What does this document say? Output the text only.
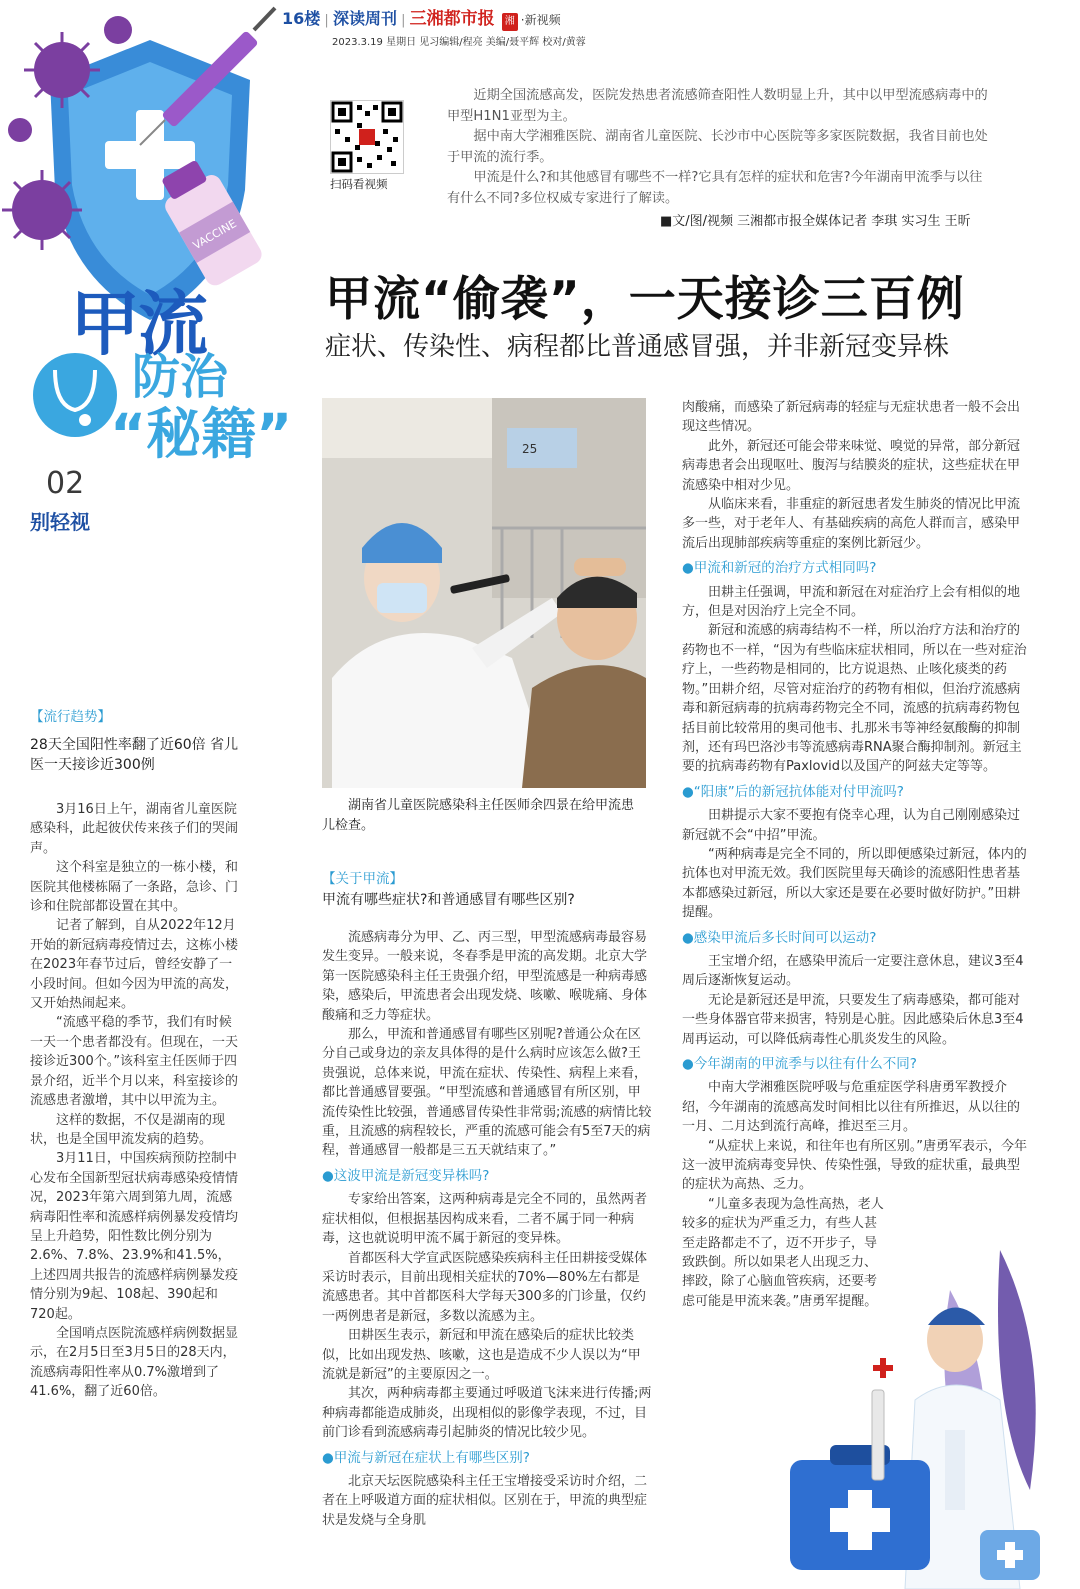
VACCINE
甲流
防治
“秘籍”
02
别轻视
16楼 | 深读周刊 | 三湘都市报 湘 ·新视频
2023.3.19 星期日 见习编辑/程亮 美编/聂平辉 校对/黄蓉
扫码看视频

近期全国流感高发，医院发热患者流感筛查阳性人数明显上升，其中以甲型流感病毒中的甲型H1N1亚型为主。

据中南大学湘雅医院、湖南省儿童医院、长沙市中心医院等多家医院数据，我省目前也处于甲流的流行季。

甲流是什么?和其他感冒有哪些不一样?它具有怎样的症状和危害?今年湖南甲流季与以往有什么不同?多位权威专家进行了解读。

■文/图/视频 三湘都市报全媒体记者 李琪 实习生 王昕
甲流“偷袭”，一天接诊三百例
症状、传染性、病程都比普通感冒强，并非新冠变异株
25
湖南省儿童医院感染科主任医师余四景在给甲流患儿检查。
【流行趋势】
28天全国阳性率翻了近60倍 省儿医一天接诊近300例

3月16日上午，湖南省儿童医院感染科，此起彼伏传来孩子们的哭闹声。

这个科室是独立的一栋小楼，和医院其他楼栋隔了一条路，急诊、门诊和住院部都设置在其中。

记者了解到，自从2022年12月开始的新冠病毒疫情过去，这栋小楼在2023年春节过后，曾经安静了一小段时间。但如今因为甲流的高发，又开始热闹起来。

“流感平稳的季节，我们有时候一天一个患者都没有。但现在，一天接诊近300个。”该科室主任医师于四景介绍，近半个月以来，科室接诊的流感患者激增，其中以甲流为主。

这样的数据，不仅是湖南的现状，也是全国甲流发病的趋势。

3月11日，中国疾病预防控制中心发布全国新型冠状病毒感染疫情情况，2023年第六周到第九周，流感病毒阳性率和流感样病例暴发疫情均呈上升趋势，阳性数比例分别为2.6%、7.8%、23.9%和41.5%，上述四周共报告的流感样病例暴发疫情分别为9起、108起、390起和720起。

全国哨点医院流感样病例数据显示，在2月5日至3月5日的28天内，流感病毒阳性率从0.7%激增到了41.6%，翻了近60倍。

【关于甲流】
甲流有哪些症状?和普通感冒有哪些区别?

流感病毒分为甲、乙、丙三型，甲型流感病毒最容易发生变异。一般来说，冬春季是甲流的高发期。北京大学第一医院感染科主任王贵强介绍，甲型流感是一种病毒感染，感染后，甲流患者会出现发烧、咳嗽、喉咙痛、身体酸痛和乏力等症状。

那么，甲流和普通感冒有哪些区别呢?普通公众在区分自己或身边的亲友具体得的是什么病时应该怎么做?王贵强说，总体来说，甲流在症状、传染性、病程上来看，都比普通感冒要强。“甲型流感和普通感冒有所区别，甲流传染性比较强，普通感冒传染性非常弱;流感的病情比较重，且流感的病程较长，严重的流感可能会有5至7天的病程，普通感冒一般都是三五天就结束了。”

●这波甲流是新冠变异株吗?

专家给出答案，这两种病毒是完全不同的，虽然两者症状相似，但根据基因构成来看，二者不属于同一种病毒，这也就说明甲流不属于新冠的变异株。

首都医科大学宣武医院感染疾病科主任田耕接受媒体采访时表示，目前出现相关症状的70%—80%左右都是流感患者。其中首都医科大学每天300多的门诊量，仅约一两例患者是新冠，多数以流感为主。

田耕医生表示，新冠和甲流在感染后的症状比较类似，比如出现发热、咳嗽，这也是造成不少人误以为“甲流就是新冠”的主要原因之一。

其次，两种病毒都主要通过呼吸道飞沫来进行传播;两种病毒都能造成肺炎，出现相似的影像学表现，不过，目前门诊看到流感病毒引起肺炎的情况比较少见。

●甲流与新冠在症状上有哪些区别?

北京天坛医院感染科主任王宝增接受采访时介绍，二者在上呼吸道方面的症状相似。区别在于，甲流的典型症状是发烧与全身肌

肉酸痛，而感染了新冠病毒的轻症与无症状患者一般不会出现这些情况。

此外，新冠还可能会带来味觉、嗅觉的异常，部分新冠病毒患者会出现呕吐、腹泻与结膜炎的症状，这些症状在甲流感染中相对少见。

从临床来看，非重症的新冠患者发生肺炎的情况比甲流多一些，对于老年人、有基础疾病的高危人群而言，感染甲流后出现肺部疾病等重症的案例比新冠少。

●甲流和新冠的治疗方式相同吗?

田耕主任强调，甲流和新冠在对症治疗上会有相似的地方，但是对因治疗上完全不同。

新冠和流感的病毒结构不一样，所以治疗方法和治疗的药物也不一样，“因为有些临床症状相同，所以在一些对症治疗上，一些药物是相同的，比方说退热、止咳化痰类的药物。”田耕介绍，尽管对症治疗的药物有相似，但治疗流感病毒和新冠病毒的抗病毒药物完全不同，流感的抗病毒药物包括目前比较常用的奥司他韦、扎那米韦等神经氨酸酶的抑制剂，还有玛巴洛沙韦等流感病毒RNA聚合酶抑制剂。新冠主要的抗病毒药物有Paxlovid以及国产的阿兹夫定等等。

●“阳康”后的新冠抗体能对付甲流吗?

田耕提示大家不要抱有侥幸心理，认为自己刚刚感染过新冠就不会“中招”甲流。

“两种病毒是完全不同的，所以即便感染过新冠，体内的抗体也对甲流无效。我们医院里每天确诊的流感阳性患者基本都感染过新冠，所以大家还是要在必要时做好防护。”田耕提醒。

●感染甲流后多长时间可以运动?

王宝增介绍，在感染甲流后一定要注意休息，建议3至4周后逐渐恢复运动。

无论是新冠还是甲流，只要发生了病毒感染，都可能对一些身体器官带来损害，特别是心脏。因此感染后休息3至4周再运动，可以降低病毒性心肌炎发生的风险。

●今年湖南的甲流季与以往有什么不同?

中南大学湘雅医院呼吸与危重症医学科唐勇军教授介绍，今年湖南的流感高发时间相比以往有所推迟，从以往的一月、二月达到流行高峰，推迟至三月。

“从症状上来说，和往年也有所区别。”唐勇军表示，今年这一波甲流病毒变异快、传染性强，导致的症状重，最典型的症状为高热、乏力。

“儿童多表现为急性高热，老人较多的症状为严重乏力，有些人甚至走路都走不了，迈不开步子，导致跌倒。所以如果老人出现乏力、摔跤，除了心脑血管疾病，还要考虑可能是甲流来袭。”唐勇军提醒。
